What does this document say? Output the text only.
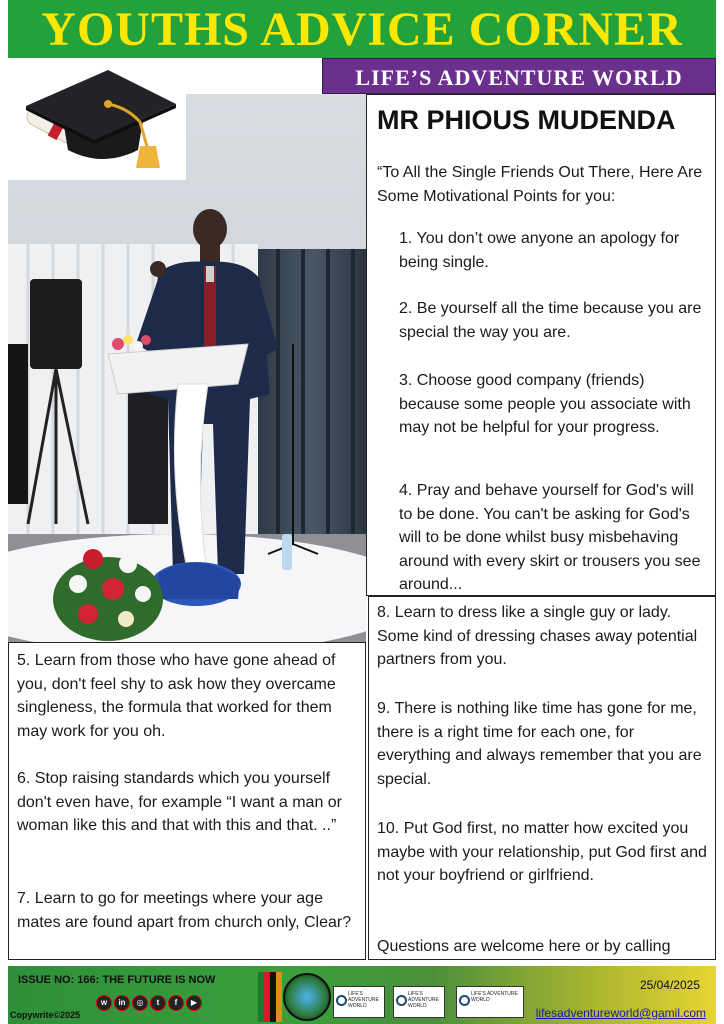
YOUTHS ADVICE CORNER
LIFE’S ADVENTURE WORLD
MR PHIOUS MUDENDA
“To All the Single Friends Out There, Here Are Some Motivational Points for you:
1. You don’t owe anyone an apology for being single.
2. Be yourself all the time because you are special the way you are.
3. Choose good company (friends) because some people you associate with may not be helpful for your progress.
4. Pray and behave yourself for God's will to be done. You can't be asking for God's will to be done whilst busy misbehaving around with every skirt or trousers you see around...
8. Learn to dress like a single guy or lady. Some kind of dressing chases away potential partners from you.
9. There is nothing like time has gone for me, there is a right time for each one, for everything and always remember that you are special.
10. Put God first, no matter how excited you maybe with your relationship, put God first and not your boyfriend or girlfriend.
Questions are welcome here or by calling
5. Learn from those who have gone ahead of you, don't feel shy to ask how they overcame singleness, the formula that worked for them may work for you oh.
6. Stop raising standards which you yourself don't even have, for example “I want a man or woman like this and that with this and that. ..”
7. Learn to go for meetings where your age mates are found apart from church only, Clear?
ISSUE NO: 166: THE FUTURE IS NOW
w	in	◎	t	f	▶
LIFE'S ADVENTURE WORLD
LIFE'S ADVENTURE WORLD
LIFE'S ADVENTURE WORLD
25/04/2025
lifesadventureworld@gamil.com
Copywrite©2025
